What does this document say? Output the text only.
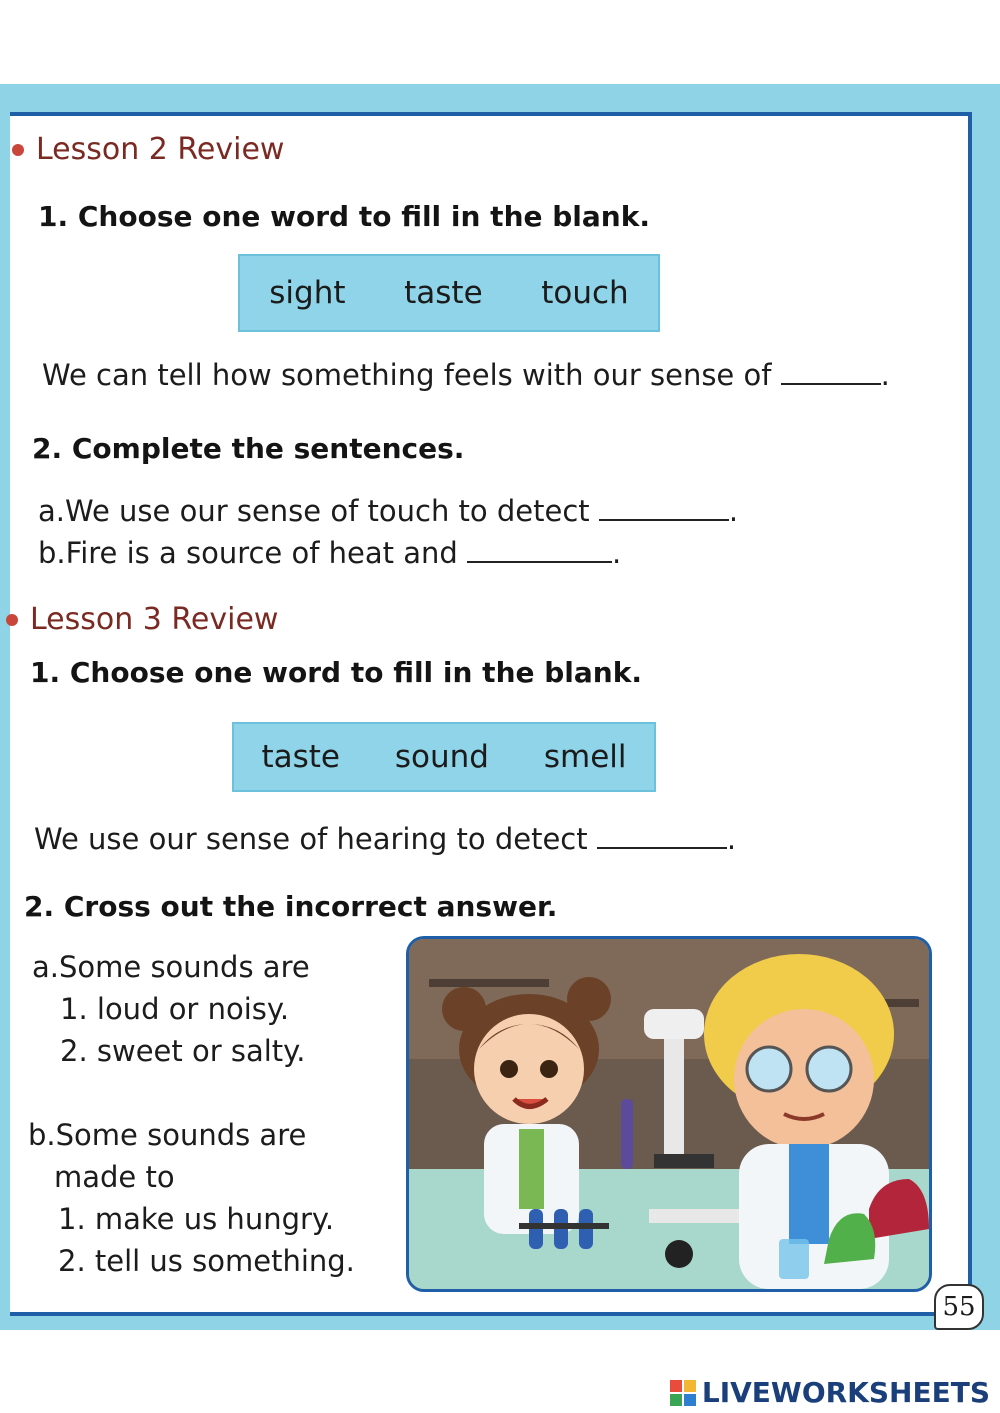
Lesson 2 Review
1. Choose one word to fill in the blank.
sight taste touch
We can tell how something feels with our sense of	.
2. Complete the sentences.
a.We use our sense of touch to detect	.
b.Fire is a source of heat and	.
Lesson 3 Review
1. Choose one word to fill in the blank.
taste sound smell
We use our sense of hearing to detect	.
2. Cross out the incorrect answer.
a.Some sounds are
1. loud or noisy.
2. sweet or salty.
b.Some sounds are
made to
1. make us hungry.
2. tell us something.
55
LIVEWORKSHEETS
